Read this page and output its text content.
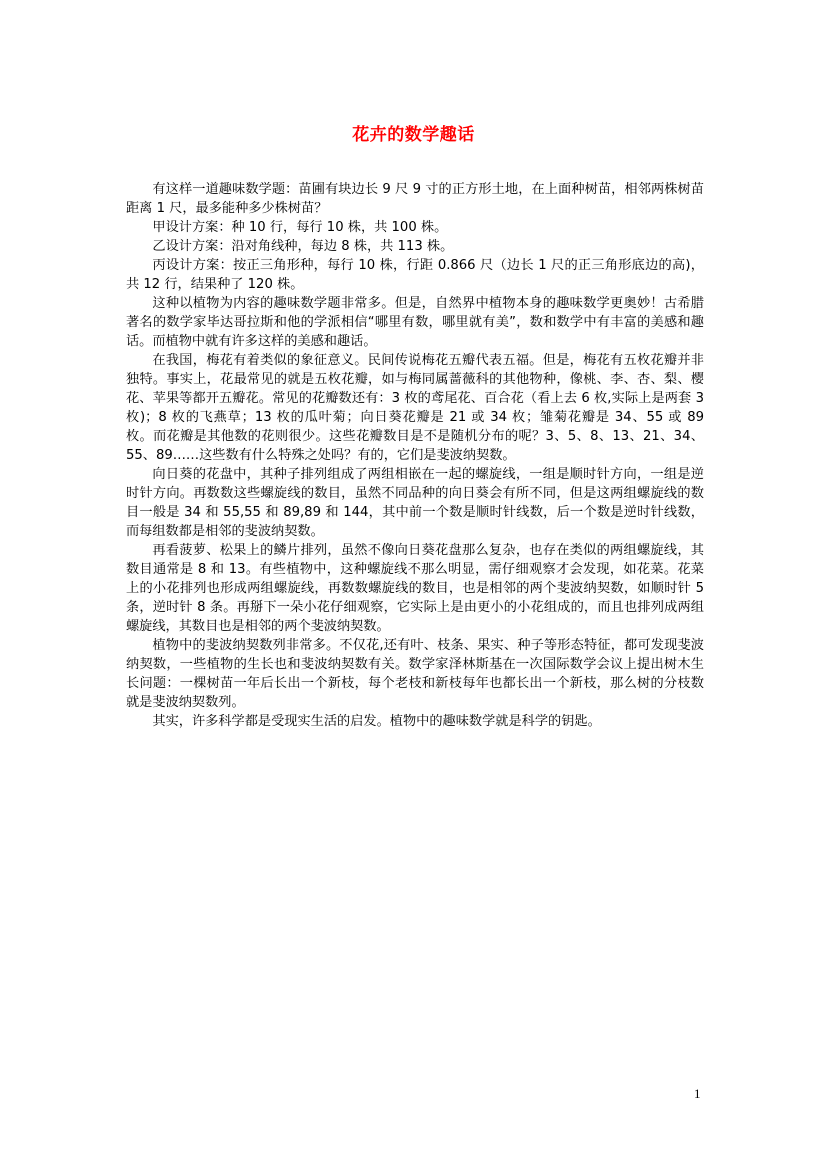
花卉的数学趣话

有这样一道趣味数学题：苗圃有块边长 9 尺 9 寸的正方形土地，在上面种树苗，相邻两株树苗距离 1 尺，最多能种多少株树苗？

甲设计方案：种 10 行，每行 10 株，共 100 株。

乙设计方案：沿对角线种，每边 8 株，共 113 株。

丙设计方案：按正三角形种，每行 10 株，行距 0.866 尺（边长 1 尺的正三角形底边的高)，共 12 行，结果种了 120 株。

这种以植物为内容的趣味数学题非常多。但是，自然界中植物本身的趣味数学更奥妙！古希腊著名的数学家毕达哥拉斯和他的学派相信“哪里有数，哪里就有美”，数和数学中有丰富的美感和趣话。而植物中就有许多这样的美感和趣话。

在我国，梅花有着类似的象征意义。民间传说梅花五瓣代表五福。但是，梅花有五枚花瓣并非独特。事实上，花最常见的就是五枚花瓣，如与梅同属蔷薇科的其他物种，像桃、李、杏、梨、樱花、苹果等都开五瓣花。常见的花瓣数还有：3 枚的鸢尾花、百合花（看上去 6 枚,实际上是两套 3 枚)；8 枚的飞燕草；13 枚的瓜叶菊；向日葵花瓣是 21 或 34 枚；雏菊花瓣是 34、55 或 89 枚。而花瓣是其他数的花则很少。这些花瓣数目是不是随机分布的呢？3、5、8、13、21、34、55、89……这些数有什么特殊之处吗？有的，它们是斐波纳契数。

向日葵的花盘中，其种子排列组成了两组相嵌在一起的螺旋线，一组是顺时针方向，一组是逆时针方向。再数数这些螺旋线的数目，虽然不同品种的向日葵会有所不同，但是这两组螺旋线的数目一般是 34 和 55,55 和 89,89 和 144，其中前一个数是顺时针线数，后一个数是逆时针线数，而每组数都是相邻的斐波纳契数。

再看菠萝、松果上的鳞片排列，虽然不像向日葵花盘那么复杂，也存在类似的两组螺旋线，其数目通常是 8 和 13。有些植物中，这种螺旋线不那么明显，需仔细观察才会发现，如花菜。花菜上的小花排列也形成两组螺旋线，再数数螺旋线的数目，也是相邻的两个斐波纳契数，如顺时针 5 条，逆时针 8 条。再掰下一朵小花仔细观察，它实际上是由更小的小花组成的，而且也排列成两组螺旋线，其数目也是相邻的两个斐波纳契数。

植物中的斐波纳契数列非常多。不仅花,还有叶、枝条、果实、种子等形态特征，都可发现斐波纳契数，一些植物的生长也和斐波纳契数有关。数学家泽林斯基在一次国际数学会议上提出树木生长问题：一棵树苗一年后长出一个新枝，每个老枝和新枝每年也都长出一个新枝，那么树的分枝数就是斐波纳契数列。

其实，许多科学都是受现实生活的启发。植物中的趣味数学就是科学的钥匙。

1
